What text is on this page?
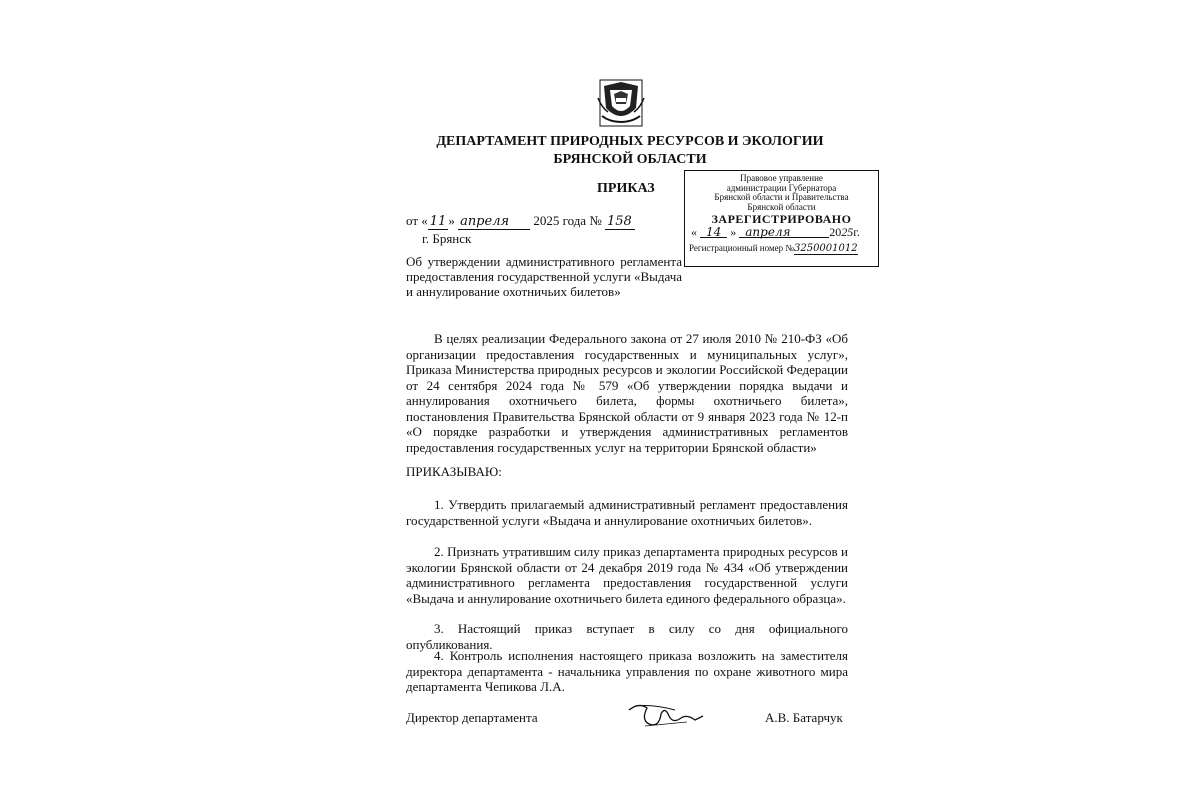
ДЕПАРТАМЕНТ ПРИРОДНЫХ РЕСУРСОВ И ЭКОЛОГИИ
БРЯНСКОЙ ОБЛАСТИ
ПРИКАЗ
от « 11 » апреля 2025 года № 158
г. Брянск
Об утверждении административного регламента предоставления государственной услуги «Выдача и аннулирование охотничьих билетов»
Правовое управление
администрации Губернатора
Брянской области и Правительства
Брянской области
ЗАРЕГИСТРИРОВАНО
« 14 » апреля	2025г.
Регистрационный номер №3250001012
В целях реализации Федерального закона от 27 июля 2010 № 210-ФЗ «Об организации предоставления государственных и муниципальных услуг», Приказа Министерства природных ресурсов и экологии Российской Федерации от 24 сентября 2024 года № 579 «Об утверждении порядка выдачи и аннулирования охотничьего билета, формы охотничьего билета», постановления Правительства Брянской области от 9 января 2023 года № 12-п «О порядке разработки и утверждения административных регламентов предоставления государственных услуг на территории Брянской области»
ПРИКАЗЫВАЮ:
1. Утвердить прилагаемый административный регламент предоставления государственной услуги «Выдача и аннулирование охотничьих билетов».
2. Признать утратившим силу приказ департамента природных ресурсов и экологии Брянской области от 24 декабря 2019 года № 434 «Об утверждении административного регламента предоставления государственной услуги «Выдача и аннулирование охотничьего билета единого федерального образца».
3. Настоящий приказ вступает в силу со дня официального опубликования.
4. Контроль исполнения настоящего приказа возложить на заместителя директора департамента - начальника управления по охране животного мира департамента Чепикова Л.А.
Директор департамента	А.В. Батарчук
